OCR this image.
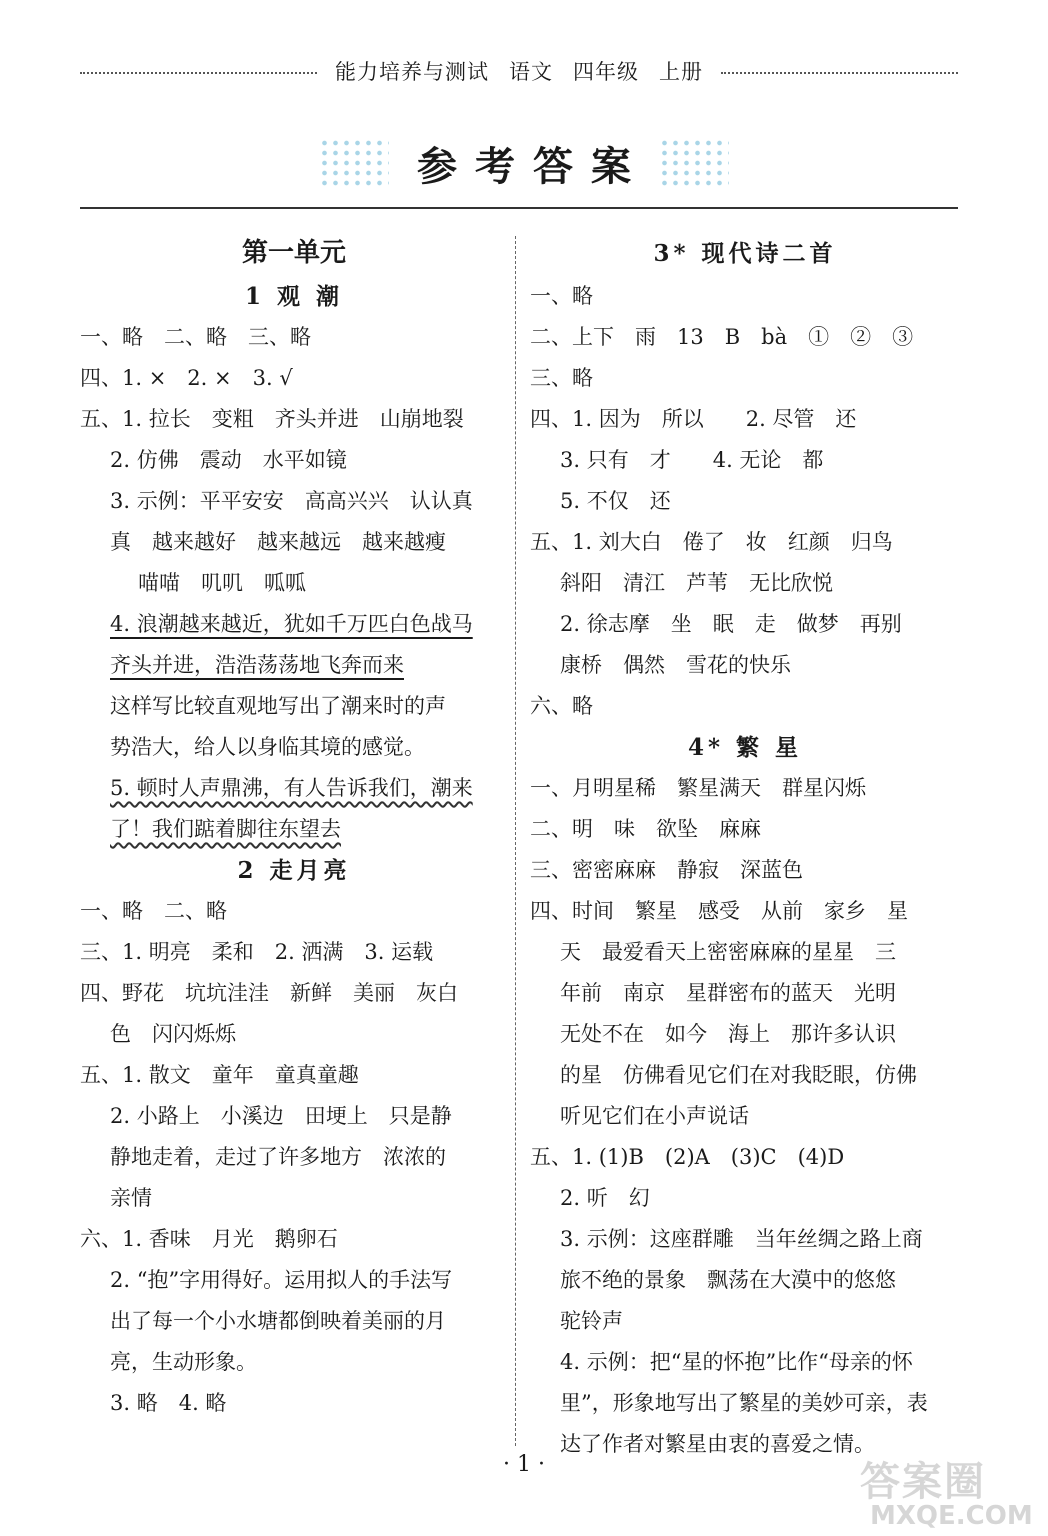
能力培养与测试 语文 四年级 上册
参考答案
第一单元
1 观 潮
一、略　二、略　三、略
四、1. ×　2. ×　3. √
五、1. 拉长　变粗　齐头并进　山崩地裂
2. 仿佛　震动　水平如镜
3. 示例：平平安安　高高兴兴　认认真
真　越来越好　越来越远　越来越瘦
喵喵　叽叽　呱呱
4. 浪潮越来越近，犹如千万匹白色战马
齐头并进，浩浩荡荡地飞奔而来
这样写比较直观地写出了潮来时的声
势浩大，给人以身临其境的感觉。
5. 顿时人声鼎沸，有人告诉我们，潮来
了！我们踮着脚往东望去
2 走月亮
一、略　二、略
三、1. 明亮　柔和　2. 洒满　3. 运载
四、野花　坑坑洼洼　新鲜　美丽　灰白
色　闪闪烁烁
五、1. 散文　童年　童真童趣
2. 小路上　小溪边　田埂上　只是静
静地走着，走过了许多地方　浓浓的
亲情
六、1. 香味　月光　鹅卵石
2. “抱”字用得好。运用拟人的手法写
出了每一个小水塘都倒映着美丽的月
亮，生动形象。
3. 略　4. 略
3* 现代诗二首
一、略
二、上下　雨　13　B　bà　①　②　③
三、略
四、1. 因为　所以　　2. 尽管　还
3. 只有　才　　4. 无论　都
5. 不仅　还
五、1. 刘大白　倦了　妆　红颜　归鸟
斜阳　清江　芦苇　无比欣悦
2. 徐志摩　坐　眠　走　做梦　再别
康桥　偶然　雪花的快乐
六、略
4* 繁 星
一、月明星稀　繁星满天　群星闪烁
二、明　味　欲坠　麻麻
三、密密麻麻　静寂　深蓝色
四、时间　繁星　感受　从前　家乡　星
天　最爱看天上密密麻麻的星星　三
年前　南京　星群密布的蓝天　光明
无处不在　如今　海上　那许多认识
的星　仿佛看见它们在对我眨眼，仿佛
听见它们在小声说话
五、1. (1)B　(2)A　(3)C　(4)D
2. 听　幻
3. 示例：这座群雕　当年丝绸之路上商
旅不绝的景象　飘荡在大漠中的悠悠
驼铃声
4. 示例：把“星的怀抱”比作“母亲的怀
里”，形象地写出了繁星的美妙可亲，表
达了作者对繁星由衷的喜爱之情。
· 1 ·	答案圈
MXQE.COM
